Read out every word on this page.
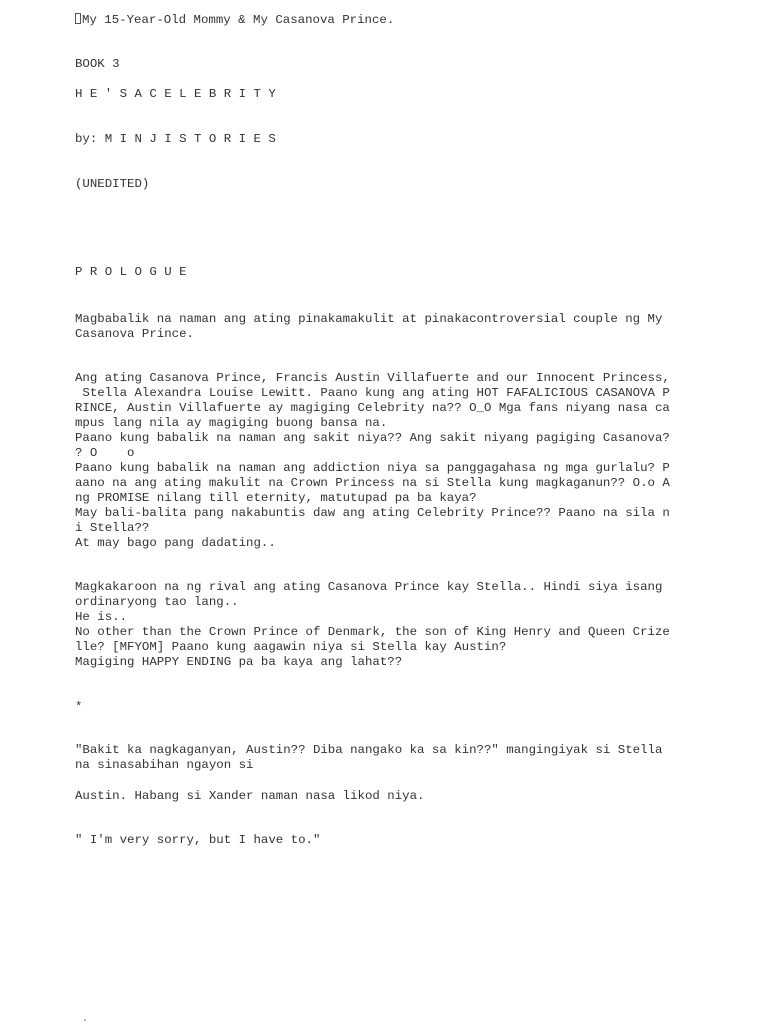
My 15-Year-Old Mommy & My Casanova Prince.
BOOK 3
H E ' S A C E L E B R I T Y
by: M I N J I S T O R I E S
(UNEDITED)
P R O L O G U E
Magbabalik na naman ang ating pinakamakulit at pinakacontroversial couple ng My
Casanova Prince.
Ang ating Casanova Prince, Francis Austin Villafuerte and our Innocent Princess,
Stella Alexandra Louise Lewitt. Paano kung ang ating HOT FAFALICIOUS CASANOVA P
RINCE, Austin Villafuerte ay magiging Celebrity na?? O_O Mga fans niyang nasa ca
mpus lang nila ay magiging buong bansa na.
Paano kung babalik na naman ang sakit niya?? Ang sakit niyang pagiging Casanova?
? O    o
Paano kung babalik na naman ang addiction niya sa panggagahasa ng mga gurlalu? P
aano na ang ating makulit na Crown Princess na si Stella kung magkaganun?? O.o A
ng PROMISE nilang till eternity, matutupad pa ba kaya?
May bali-balita pang nakabuntis daw ang ating Celebrity Prince?? Paano na sila n
i Stella??
At may bago pang dadating..
Magkakaroon na ng rival ang ating Casanova Prince kay Stella.. Hindi siya isang
ordinaryong tao lang..
He is..
No other than the Crown Prince of Denmark, the son of King Henry and Queen Crize
lle? [MFYOM] Paano kung aagawin niya si Stella kay Austin?
Magiging HAPPY ENDING pa ba kaya ang lahat??
*
"Bakit ka nagkaganyan, Austin?? Diba nangako ka sa kin??" mangingiyak si Stella
na sinasabihan ngayon si
Austin. Habang si Xander naman nasa likod niya.
" I'm very sorry, but I have to."
·
